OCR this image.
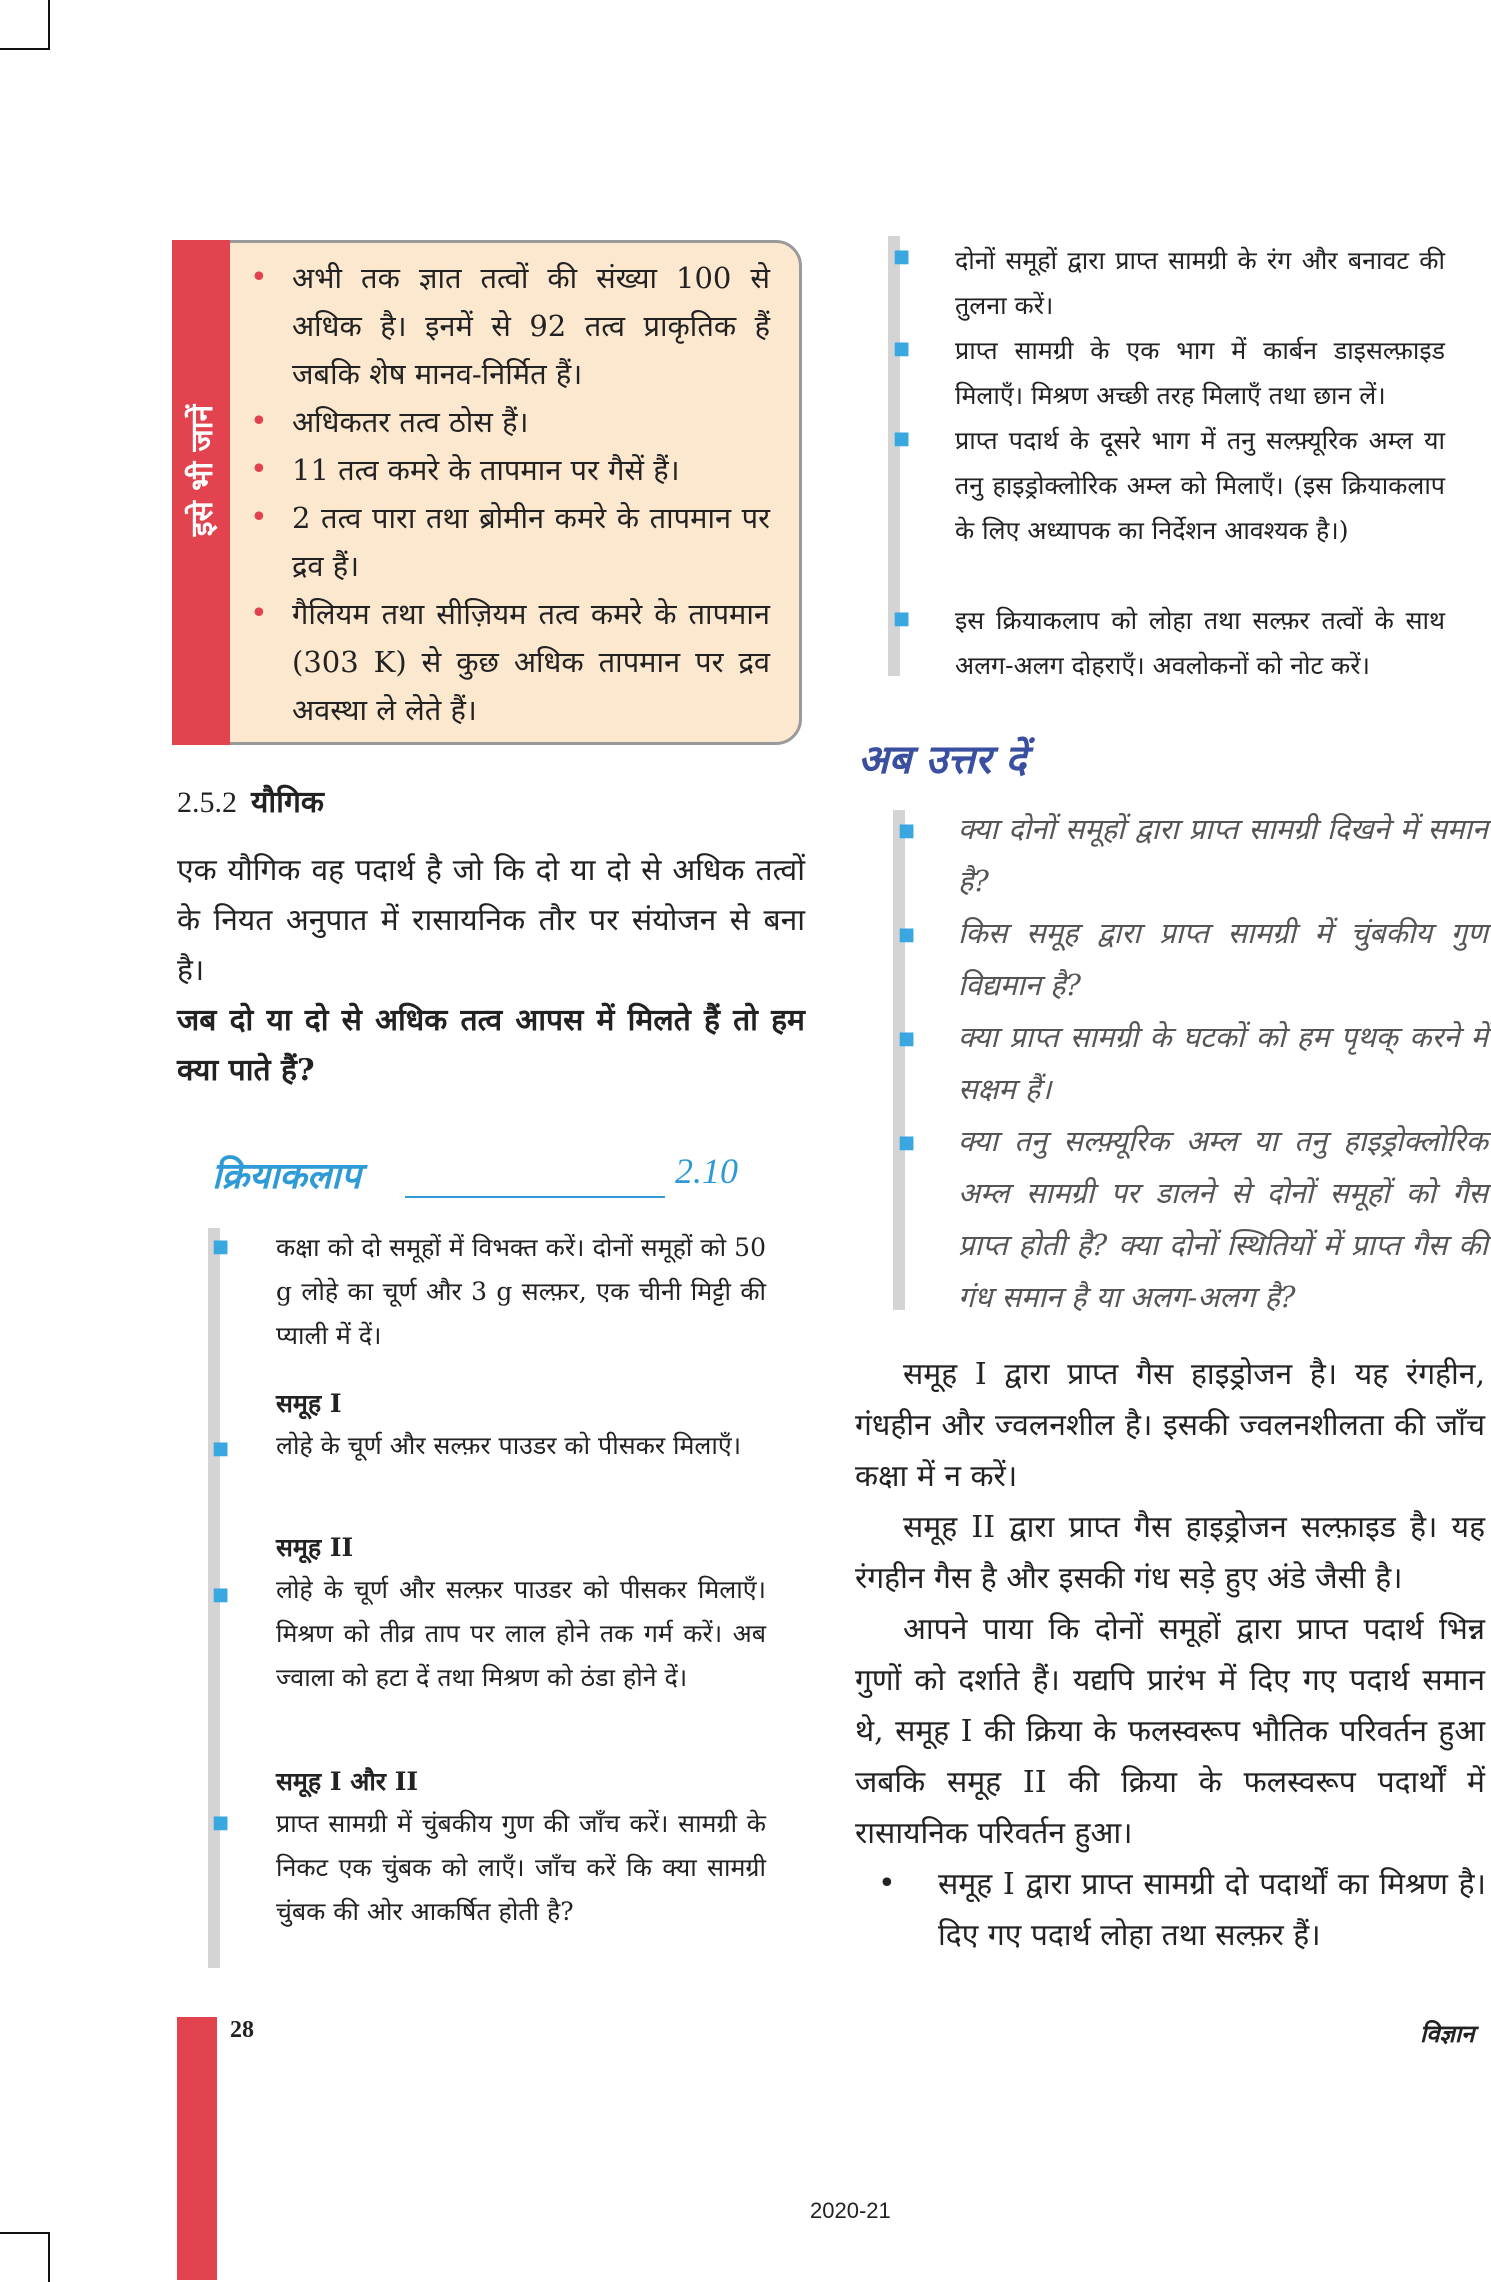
इसे भी जानें
• अभी तक ज्ञात तत्वों की संख्या 100 से अधिक है। इनमें से 92 तत्व प्राकृतिक हैं जबकि शेष मानव-निर्मित हैं।
• अधिकतर तत्व ठोस हैं।
• 11 तत्व कमरे के तापमान पर गैसें हैं।
• 2 तत्व पारा तथा ब्रोमीन कमरे के तापमान पर द्रव हैं।
• गैलियम तथा सीज़ियम तत्व कमरे के तापमान (303 K) से कुछ अधिक तापमान पर द्रव अवस्था ले लेते हैं।
2.5.2 यौगिक
एक यौगिक वह पदार्थ है जो कि दो या दो से अधिक तत्वों के नियत अनुपात में रासायनिक तौर पर संयोजन से बना है।
जब दो या दो से अधिक तत्व आपस में मिलते हैं तो हम क्या पाते हैं?
क्रियाकलाप	2.10
■
■
■
■
कक्षा को दो समूहों में विभक्त करें। दोनों समूहों को 50 g लोहे का चूर्ण और 3 g सल्फ़र, एक चीनी मिट्टी की प्याली में दें।
समूह I
लोहे के चूर्ण और सल्फ़र पाउडर को पीसकर मिलाएँ।
समूह II
लोहे के चूर्ण और सल्फ़र पाउडर को पीसकर मिलाएँ। मिश्रण को तीव्र ताप पर लाल होने तक गर्म करें। अब ज्वाला को हटा दें तथा मिश्रण को ठंडा होने दें।
समूह I और II
प्राप्त सामग्री में चुंबकीय गुण की जाँच करें। सामग्री के निकट एक चुंबक को लाएँ। जाँच करें कि क्या सामग्री चुंबक की ओर आकर्षित होती है?
■
■
■
■
दोनों समूहों द्वारा प्राप्त सामग्री के रंग और बनावट की तुलना करें।
प्राप्त सामग्री के एक भाग में कार्बन डाइसल्फ़ाइड मिलाएँ। मिश्रण अच्छी तरह मिलाएँ तथा छान लें।
प्राप्त पदार्थ के दूसरे भाग में तनु सल्फ़्यूरिक अम्ल या तनु हाइड्रोक्लोरिक अम्ल को मिलाएँ। (इस क्रियाकलाप के लिए अध्यापक का निर्देशन आवश्यक है।)
इस क्रियाकलाप को लोहा तथा सल्फ़र तत्वों के साथ अलग-अलग दोहराएँ। अवलोकनों को नोट करें।
अब उत्तर दें
■
■
■
■
क्या दोनों समूहों द्वारा प्राप्त सामग्री दिखने में समान है?
किस समूह द्वारा प्राप्त सामग्री में चुंबकीय गुण विद्यमान है?
क्या प्राप्त सामग्री के घटकों को हम पृथक् करने में सक्षम हैं।
क्या तनु सल्फ़्यूरिक अम्ल या तनु हाइड्रोक्लोरिक अम्ल सामग्री पर डालने से दोनों समूहों को गैस प्राप्त होती है? क्या दोनों स्थितियों में प्राप्त गैस की गंध समान है या अलग-अलग है?
समूह I द्वारा प्राप्त गैस हाइड्रोजन है। यह रंगहीन, गंधहीन और ज्वलनशील है। इसकी ज्वलनशीलता की जाँच कक्षा में न करें।
समूह II द्वारा प्राप्त गैस हाइड्रोजन सल्फ़ाइड है। यह रंगहीन गैस है और इसकी गंध सड़े हुए अंडे जैसी है।
आपने पाया कि दोनों समूहों द्वारा प्राप्त पदार्थ भिन्न गुणों को दर्शाते हैं। यद्यपि प्रारंभ में दिए गए पदार्थ समान थे, समूह I की क्रिया के फलस्वरूप भौतिक परिवर्तन हुआ जबकि समूह II की क्रिया के फलस्वरूप पदार्थों में रासायनिक परिवर्तन हुआ।
• समूह I द्वारा प्राप्त सामग्री दो पदार्थों का मिश्रण है। दिए गए पदार्थ लोहा तथा सल्फ़र हैं।
28	विज्ञान
2020-21
